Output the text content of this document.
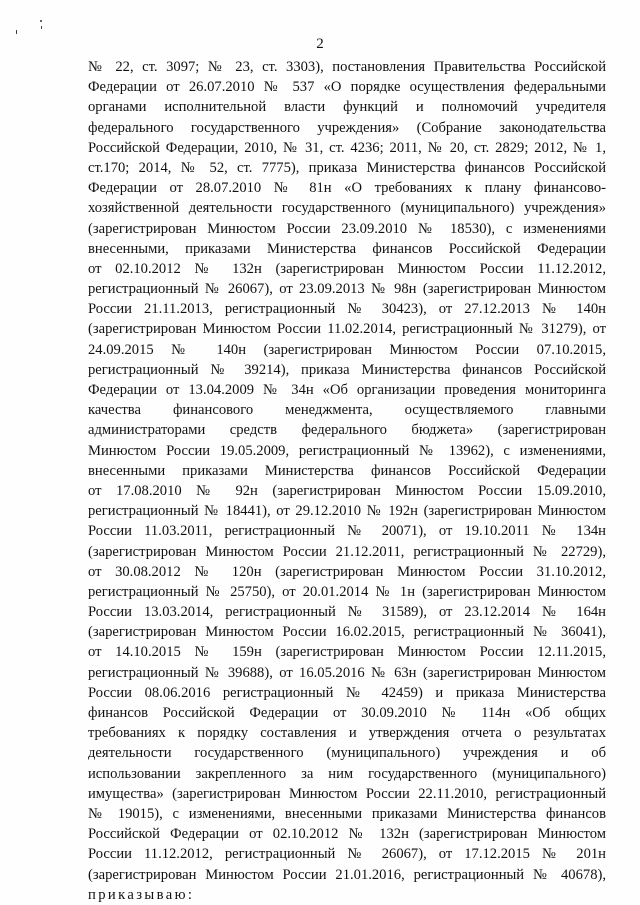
2
№ 22, ст. 3097; № 23, ст. 3303), постановления Правительства Российской
Федерации от 26.07.2010 № 537 «О порядке осуществления федеральными
органами исполнительной власти функций и полномочий учредителя
федерального государственного учреждения» (Собрание законодательства
Российской Федерации, 2010, № 31, ст. 4236; 2011, № 20, ст. 2829; 2012, № 1,
ст.170; 2014, № 52, ст. 7775), приказа Министерства финансов Российской
Федерации от 28.07.2010 № 81н «О требованиях к плану финансово-
хозяйственной деятельности государственного (муниципального) учреждения»
(зарегистрирован Минюстом России 23.09.2010 № 18530), с изменениями
внесенными, приказами Министерства финансов Российской Федерации
от 02.10.2012 № 132н (зарегистрирован Минюстом России 11.12.2012,
регистрационный № 26067), от 23.09.2013 № 98н (зарегистрирован Минюстом
России 21.11.2013, регистрационный № 30423), от 27.12.2013 № 140н
(зарегистрирован Минюстом России 11.02.2014, регистрационный № 31279), от
24.09.2015 № 140н (зарегистрирован Минюстом России 07.10.2015,
регистрационный № 39214), приказа Министерства финансов Российской
Федерации от 13.04.2009 № 34н «Об организации проведения мониторинга
качества финансового менеджмента, осуществляемого главными
администраторами средств федерального бюджета» (зарегистрирован
Минюстом России 19.05.2009, регистрационный № 13962), с изменениями,
внесенными приказами Министерства финансов Российской Федерации
от 17.08.2010 № 92н (зарегистрирован Минюстом России 15.09.2010,
регистрационный № 18441), от 29.12.2010 № 192н (зарегистрирован Минюстом
России 11.03.2011, регистрационный № 20071), от 19.10.2011 № 134н
(зарегистрирован Минюстом России 21.12.2011, регистрационный № 22729),
от 30.08.2012 № 120н (зарегистрирован Минюстом России 31.10.2012,
регистрационный № 25750), от 20.01.2014 № 1н (зарегистрирован Минюстом
России 13.03.2014, регистрационный № 31589), от 23.12.2014 № 164н
(зарегистрирован Минюстом России 16.02.2015, регистрационный № 36041),
от 14.10.2015 № 159н (зарегистрирован Минюстом России 12.11.2015,
регистрационный № 39688), от 16.05.2016 № 63н (зарегистрирован Минюстом
России 08.06.2016 регистрационный № 42459) и приказа Министерства
финансов Российской Федерации от 30.09.2010 № 114н «Об общих
требованиях к порядку составления и утверждения отчета о результатах
деятельности государственного (муниципального) учреждения и об
использовании закрепленного за ним государственного (муниципального)
имущества» (зарегистрирован Минюстом России 22.11.2010, регистрационный
№ 19015), с изменениями, внесенными приказами Министерства финансов
Российской Федерации от 02.10.2012 № 132н (зарегистрирован Минюстом
России 11.12.2012, регистрационный № 26067), от 17.12.2015 № 201н
(зарегистрирован Минюстом России 21.01.2016, регистрационный № 40678),
приказываю:
